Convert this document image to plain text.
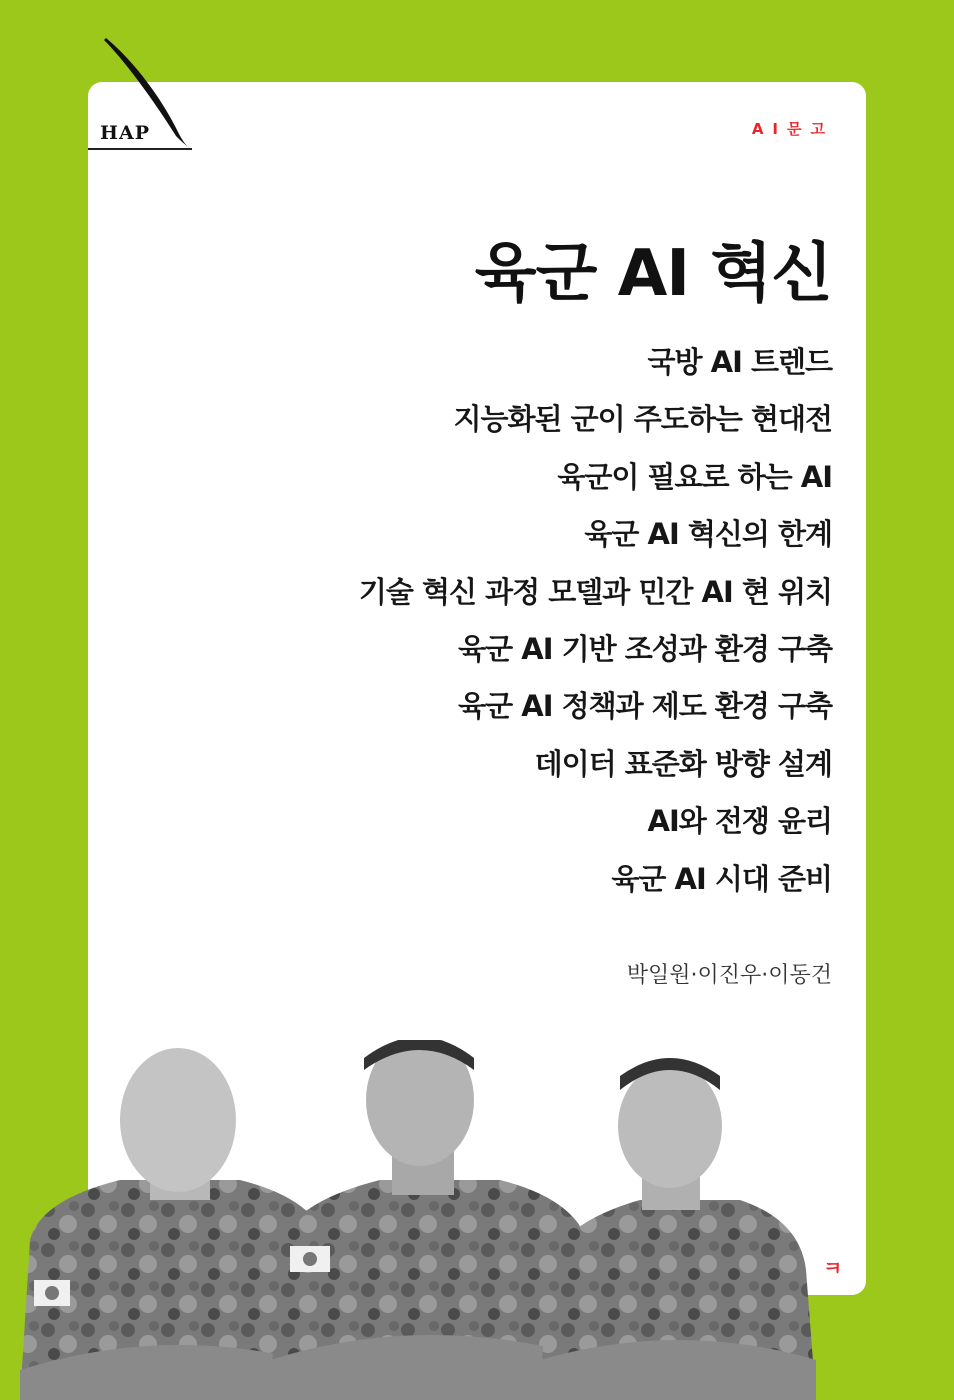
HAP	AI문고
육군 AI 혁신
국방 AI 트렌드
지능화된 군이 주도하는 현대전
육군이 필요로 하는 AI
육군 AI 혁신의 한계
기술 혁신 과정 모델과 민간 AI 현 위치
육군 AI 기반 조성과 환경 구축
육군 AI 정책과 제도 환경 구축
데이터 표준화 방향 설계
AI와 전쟁 윤리
육군 AI 시대 준비
박일원·이진우·이동건
ㅋ
